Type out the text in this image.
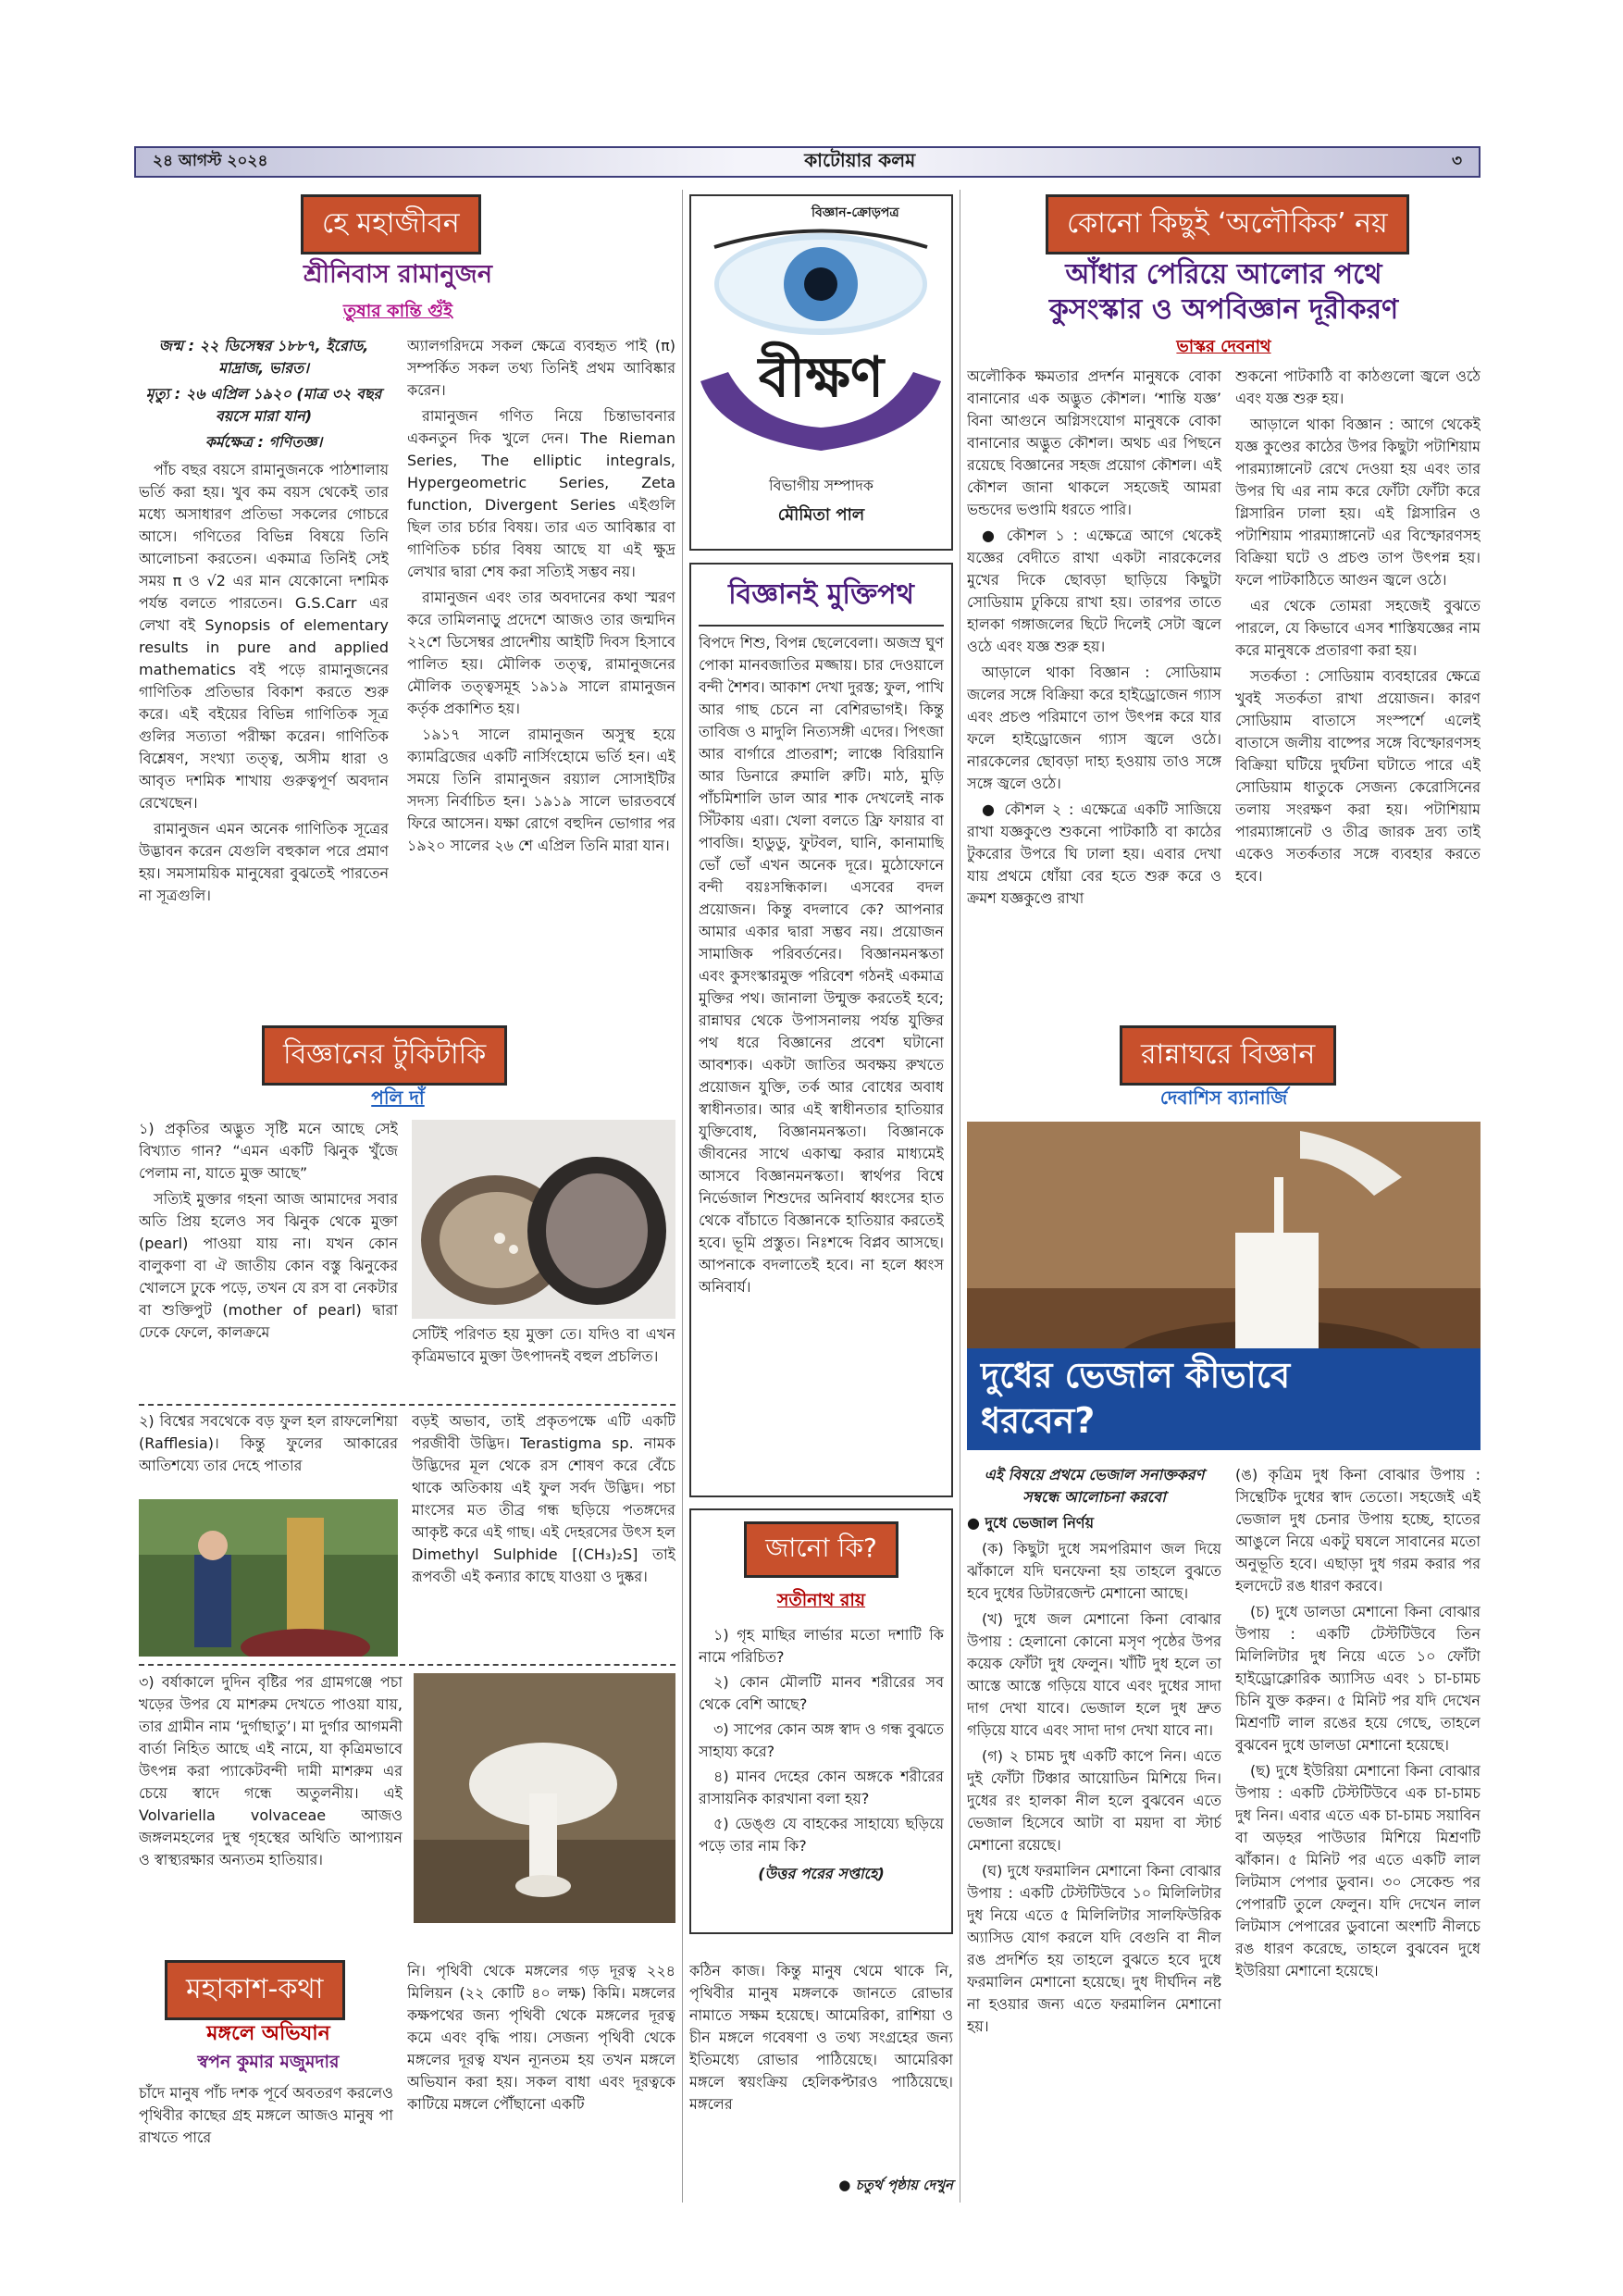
২৪ আগস্ট ২০২৪	কাটোয়ার কলম	৩
হে মহাজীবন
শ্রীনিবাস রামানুজন
তুষার কান্তি গুঁই
জন্ম : ২২ ডিসেম্বর ১৮৮৭, ইরোড, মাদ্রাজ, ভারত।
মৃত্যু : ২৬ এপ্রিল ১৯২০ (মাত্র ৩২ বছর বয়সে মারা যান)
কর্মক্ষেত্র : গণিতজ্ঞ।

পাঁচ বছর বয়সে রামানুজনকে পাঠশালায় ভর্তি করা হয়। খুব কম বয়স থেকেই তার মধ্যে অসাধারণ প্রতিভা সকলের গোচরে আসে। গণিতের বিভিন্ন বিষয়ে তিনি আলোচনা করতেন। একমাত্র তিনিই সেই সময় π ও √2 এর মান যেকোনো দশমিক পর্যন্ত বলতে পারতেন। G.S.Carr এর লেখা বই Synopsis of elementary results in pure and applied mathematics বই পড়ে রামানুজনের গাণিতিক প্রতিভার বিকাশ করতে শুরু করে। এই বইয়ের বিভিন্ন গাণিতিক সূত্র গুলির সত্যতা পরীক্ষা করেন। গাণিতিক বিশ্লেষণ, সংখ্যা তত্ত্ব, অসীম ধারা ও আবৃত দশমিক শাখায় গুরুত্বপূর্ণ অবদান রেখেছেন।

রামানুজন এমন অনেক গাণিতিক সূত্রের উদ্ভাবন করেন যেগুলি বহুকাল পরে প্রমাণ হয়। সমসাময়িক মানুষেরা বুঝতেই পারতেন না সূত্রগুলি।

অ্যালগরিদমে সকল ক্ষেত্রে ব্যবহৃত পাই (π) সম্পর্কিত সকল তথ্য তিনিই প্রথম আবিষ্কার করেন।

রামানুজন গণিত নিয়ে চিন্তাভাবনার একনতুন দিক খুলে দেন। The Rieman Series, The elliptic integrals, Hypergeometric Series, Zeta function, Divergent Series এইগুলি ছিল তার চর্চার বিষয়। তার এত আবিষ্কার বা গাণিতিক চর্চার বিষয় আছে যা এই ক্ষুদ্র লেখার দ্বারা শেষ করা সত্যিই সম্ভব নয়।

রামানুজন এবং তার অবদানের কথা স্মরণ করে তামিলনাড়ু প্রদেশে আজও তার জন্মদিন ২২শে ডিসেম্বর প্রাদেশীয় আইটি দিবস হিসাবে পালিত হয়। মৌলিক তত্ত্ব, রামানুজনের মৌলিক তত্ত্বসমূহ ১৯১৯ সালে রামানুজন কর্তৃক প্রকাশিত হয়।

১৯১৭ সালে রামানুজন অসুস্থ হয়ে ক্যামব্রিজের একটি নার্সিংহোমে ভর্তি হন। এই সময়ে তিনি রামানুজন রয়্যাল সোসাইটির সদস্য নির্বাচিত হন। ১৯১৯ সালে ভারতবর্ষে ফিরে আসেন। যক্ষা রোগে বহুদিন ভোগার পর ১৯২০ সালের ২৬ শে এপ্রিল তিনি মারা যান।

বিজ্ঞানের টুকিটাকি
পলি দাঁ

১) প্রকৃতির অদ্ভুত সৃষ্টি মনে আছে সেই বিখ্যাত গান? “এমন একটি ঝিনুক খুঁজে পেলাম না, যাতে মুক্ত আছে”

সত্যিই মুক্তার গহনা আজ আমাদের সবার অতি প্রিয় হলেও সব ঝিনুক থেকে মুক্তা (pearl) পাওয়া যায় না। যখন কোন বালুকণা বা ঐ জাতীয় কোন বস্তু ঝিনুকের খোলসে ঢুকে পড়ে, তখন যে রস বা নেকটার বা শুক্তিপুট (mother of pearl) দ্বারা ঢেকে ফেলে, কালক্রমে	সেটিই পরিণত হয় মুক্তা তে। যদিও বা এখন কৃত্রিমভাবে মুক্তা উৎপাদনই বহুল প্রচলিত।

২) বিশ্বের সবথেকে বড় ফুল হল রাফলেশিয়া (Rafflesia)। কিন্তু ফুলের আকারের আতিশয্যে তার দেহে পাতার

বড়ই অভাব, তাই প্রকৃতপক্ষে এটি একটি পরজীবী উদ্ভিদ। Terastigma sp. নামক উদ্ভিদের মূল থেকে রস শোষণ করে বেঁচে থাকে অতিকায় এই ফুল সর্বদ উদ্ভিদ। পচা মাংসের মত তীব্র গন্ধ ছড়িয়ে পতঙ্গদের আকৃষ্ট করে এই গাছ। এই দেহরসের উৎস হল Dimethyl Sulphide [(CH₃)₂S] তাই রূপবতী এই কন্যার কাছে যাওয়া ও দুষ্কর।

৩) বর্ষাকালে দুদিন বৃষ্টির পর গ্রামগঞ্জে পচা খড়ের উপর যে মাশরুম দেখতে পাওয়া যায়, তার গ্রামীন নাম ‘দুর্গাছাতু’। মা দুর্গার আগমনী বার্তা নিহিত আছে এই নামে, যা কৃত্রিমভাবে উৎপন্ন করা প্যাকেটবন্দী দামী মাশরুম এর চেয়ে স্বাদে গন্ধে অতুলনীয়। এই Volvariella volvaceae আজও জঙ্গলমহলের দুস্থ গৃহস্থের অথিতি আপ্যায়ন ও স্বাস্থ্যরক্ষার অন্যতম হাতিয়ার।

মহাকাশ-কথা
মঙ্গলে অভিযান
স্বপন কুমার মজুমদার

চাঁদে মানুষ পাঁচ দশক পূর্বে অবতরণ করলেও পৃথিবীর কাছের গ্রহ মঙ্গলে আজও মানুষ পা রাখতে পারে

নি। পৃথিবী থেকে মঙ্গলের গড় দূরত্ব ২২৪ মিলিয়ন (২২ কোটি ৪০ লক্ষ) কিমি। মঙ্গলের কক্ষপথের জন্য পৃথিবী থেকে মঙ্গলের দূরত্ব কমে এবং বৃদ্ধি পায়। সেজন্য পৃথিবী থেকে মঙ্গলের দূরত্ব যখন ন্যূনতম হয় তখন মঙ্গলে অভিযান করা হয়। সকল বাধা এবং দূরত্বকে কাটিয়ে মঙ্গলে পৌঁছানো একটি

কঠিন কাজ। কিন্তু মানুষ থেমে থাকে নি, পৃথিবীর মানুষ মঙ্গলকে জানতে রোভার নামাতে সক্ষম হয়েছে। আমেরিকা, রাশিয়া ও চীন মঙ্গলে গবেষণা ও তথ্য সংগ্রহের জন্য ইতিমধ্যে রোভার পাঠিয়েছে। আমেরিকা মঙ্গলে স্বয়ংক্রিয় হেলিকপ্টারও পাঠিয়েছে। মঙ্গলের

● চতুর্থ পৃষ্ঠায় দেখুন
বিজ্ঞান-ক্রোড়পত্র
বীক্ষণ
বিভাগীয় সম্পাদক
মৌমিতা পাল
বিজ্ঞানই মুক্তিপথ
বিপদে শিশু, বিপন্ন ছেলেবেলা। অজস্র ঘুণ পোকা মানবজাতির মজ্জায়। চার দেওয়ালে বন্দী শৈশব। আকাশ দেখা দুরস্ত; ফুল, পাখি আর গাছ চেনে না বেশিরভাগই। কিন্তু তাবিজ ও মাদুলি নিত্যসঙ্গী এদের। পিৎজা আর বার্গারে প্রাতরাশ; লাঞ্চে বিরিয়ানি আর ডিনারে রুমালি রুটি। মাঠ, মুড়ি পাঁচমিশালি ডাল আর শাক দেখলেই নাক সিঁটকায় এরা। খেলা বলতে ফ্রি ফায়ার বা পাবজি। হাডুডু, ফুটবল, ঘানি, কানামাছি ভোঁ ভোঁ এখন অনেক দূরে। মুঠোফোনে বন্দী বয়ঃসন্ধিকাল। এসবের বদল প্রয়োজন। কিন্তু বদলাবে কে? আপনার আমার একার দ্বারা সম্ভব নয়। প্রয়োজন সামাজিক পরিবর্তনের। বিজ্ঞানমনস্কতা এবং কুসংস্কারমুক্ত পরিবেশ গঠনই একমাত্র মুক্তির পথ। জানালা উন্মুক্ত করতেই হবে; রান্নাঘর থেকে উপাসনালয় পর্যন্ত যুক্তির পথ ধরে বিজ্ঞানের প্রবেশ ঘটানো আবশ্যক। একটা জাতির অবক্ষয় রুখতে প্রয়োজন যুক্তি, তর্ক আর বোধের অবাধ স্বাধীনতার। আর এই স্বাধীনতার হাতিয়ার যুক্তিবোধ, বিজ্ঞানমনস্কতা। বিজ্ঞানকে জীবনের সাথে একাত্ম করার মাধ্যমেই আসবে বিজ্ঞানমনস্কতা। স্বার্থপর বিশ্বে নির্ভেজাল শিশুদের অনিবার্য ধ্বংসের হাত থেকে বাঁচাতে বিজ্ঞানকে হাতিয়ার করতেই হবে। ভূমি প্রস্তুত। নিঃশব্দে বিপ্লব আসছে। আপনাকে বদলাতেই হবে। না হলে ধ্বংস অনিবার্য।
জানো কি?
সতীনাথ রায়

১) গৃহ মাছির লার্ভার মতো দশাটি কি নামে পরিচিত?

২) কোন মৌলটি মানব শরীরের সব থেকে বেশি আছে?

৩) সাপের কোন অঙ্গ স্বাদ ও গন্ধ বুঝতে সাহায্য করে?

৪) মানব দেহের কোন অঙ্গকে শরীরের রাসায়নিক কারখানা বলা হয়?

৫) ডেঙ্গু যে বাহকের সাহায্যে ছড়িয়ে পড়ে তার নাম কি?

(উত্তর পরের সপ্তাহে)
কোনো কিছুই ‘অলৌকিক’ নয়
আঁধার পেরিয়ে আলোর পথে
কুসংস্কার ও অপবিজ্ঞান দূরীকরণ
ভাস্কর দেবনাথ

অলৌকিক ক্ষমতার প্রদর্শন মানুষকে বোকা বানানোর এক অদ্ভুত কৌশল। ‘শান্তি যজ্ঞ’ বিনা আগুনে অগ্নিসংযোগ মানুষকে বোকা বানানোর অদ্ভুত কৌশল। অথচ এর পিছনে রয়েছে বিজ্ঞানের সহজ প্রয়োগ কৌশল। এই কৌশল জানা থাকলে সহজেই আমরা ভন্ডদের ভণ্ডামি ধরতে পারি।

● কৌশল ১ : এক্ষেত্রে আগে থেকেই যজ্ঞের বেদীতে রাখা একটা নারকেলের মুখের দিকে ছোবড়া ছাড়িয়ে কিছুটা সোডিয়াম ঢুকিয়ে রাখা হয়। তারপর তাতে হালকা গঙ্গাজলের ছিটে দিলেই সেটা জ্বলে ওঠে এবং যজ্ঞ শুরু হয়।

আড়ালে থাকা বিজ্ঞান : সোডিয়াম জলের সঙ্গে বিক্রিয়া করে হাইড্রোজেন গ্যাস এবং প্রচণ্ড পরিমাণে তাপ উৎপন্ন করে যার ফলে হাইড্রোজেন গ্যাস জ্বলে ওঠে। নারকেলের ছোবড়া দাহ্য হওয়ায় তাও সঙ্গে সঙ্গে জ্বলে ওঠে।

● কৌশল ২ : এক্ষেত্রে একটি সাজিয়ে রাখা যজ্ঞকুণ্ডে শুকনো পাটকাঠি বা কাঠের টুকরোর উপরে ঘি ঢালা হয়। এবার দেখা যায় প্রথমে ধোঁয়া বের হতে শুরু করে ও ক্রমশ যজ্ঞকুণ্ডে রাখা

শুকনো পাটকাঠি বা কাঠগুলো জ্বলে ওঠে এবং যজ্ঞ শুরু হয়।

আড়ালে থাকা বিজ্ঞান : আগে থেকেই যজ্ঞ কুণ্ডের কাঠের উপর কিছুটা পটাশিয়াম পারম্যাঙ্গানেট রেখে দেওয়া হয় এবং তার উপর ঘি এর নাম করে ফোঁটা ফোঁটা করে গ্লিসারিন ঢালা হয়। এই গ্লিসারিন ও পটাশিয়াম পারম্যাঙ্গানেট এর বিস্ফোরণসহ বিক্রিয়া ঘটে ও প্রচণ্ড তাপ উৎপন্ন হয়। ফলে পাটকাঠিতে আগুন জ্বলে ওঠে।

এর থেকে তোমরা সহজেই বুঝতে পারলে, যে কিভাবে এসব শাস্তিযজ্ঞের নাম করে মানুষকে প্রতারণা করা হয়।

সতর্কতা : সোডিয়াম ব্যবহারের ক্ষেত্রে খুবই সতর্কতা রাখা প্রয়োজন। কারণ সোডিয়াম বাতাসে সংস্পর্শে এলেই বাতাসে জলীয় বাষ্পের সঙ্গে বিস্ফোরণসহ বিক্রিয়া ঘটিয়ে দুর্ঘটনা ঘটাতে পারে এই সোডিয়াম ধাতুকে সেজন্য কেরোসিনের তলায় সংরক্ষণ করা হয়। পটাশিয়াম পারম্যাঙ্গানেট ও তীব্র জারক দ্রব্য তাই একেও সতর্কতার সঙ্গে ব্যবহার করতে হবে।

রান্নাঘরে বিজ্ঞান
দেবাশিস ব্যানার্জি
দুধের ভেজাল কীভাবে ধরবেন?
এই বিষয়ে প্রথমে ভেজাল সনাক্তকরণ সম্বন্ধে আলোচনা করবো
● দুধে ভেজাল নির্ণয়

(ক) কিছুটা দুধে সমপরিমাণ জল দিয়ে ঝাঁকালে যদি ঘনফেনা হয় তাহলে বুঝতে হবে দুধের ডিটারজেন্ট মেশানো আছে।

(খ) দুধে জল মেশানো কিনা বোঝার উপায় : হেলানো কোনো মসৃণ পৃষ্ঠের উপর কয়েক ফোঁটা দুধ ফেলুন। খাঁটি দুধ হলে তা আস্তে আস্তে গড়িয়ে যাবে এবং দুধের সাদা দাগ দেখা যাবে। ভেজাল হলে দুধ দ্রুত গড়িয়ে যাবে এবং সাদা দাগ দেখা যাবে না।

(গ) ২ চামচ দুধ একটি কাপে নিন। এতে দুই ফোঁটা টিঞ্চার আয়োডিন মিশিয়ে দিন। দুধের রং হালকা নীল হলে বুঝবেন এতে ভেজাল হিসেবে আটা বা ময়দা বা স্টার্চ মেশানো রয়েছে।

(ঘ) দুধে ফরমালিন মেশানো কিনা বোঝার উপায় : একটি টেস্টটিউবে ১০ মিলিলিটার দুধ নিয়ে এতে ৫ মিলিলিটার সালফিউরিক অ্যাসিড যোগ করলে যদি বেগুনি বা নীল রঙ প্রদর্শিত হয় তাহলে বুঝতে হবে দুধে ফরমালিন মেশানো হয়েছে। দুধ দীর্ঘদিন নষ্ট না হওয়ার জন্য এতে ফরমালিন মেশানো হয়।

(ঙ) কৃত্রিম দুধ কিনা বোঝার উপায় : সিন্থেটিক দুধের স্বাদ তেতো। সহজেই এই ভেজাল দুধ চেনার উপায় হচ্ছে, হাতের আঙুলে নিয়ে একটু ঘষলে সাবানের মতো অনুভূতি হবে। এছাড়া দুধ গরম করার পর হলদেটে রঙ ধারণ করবে।

(চ) দুধে ডালডা মেশানো কিনা বোঝার উপায় : একটি টেস্টটিউবে তিন মিলিলিটার দুধ নিয়ে এতে ১০ ফোঁটা হাইড্রোক্লোরিক অ্যাসিড এবং ১ চা-চামচ চিনি যুক্ত করুন। ৫ মিনিট পর যদি দেখেন মিশ্রণটি লাল রঙের হয়ে গেছে, তাহলে বুঝবেন দুধে ডালডা মেশানো হয়েছে।

(ছ) দুধে ইউরিয়া মেশানো কিনা বোঝার উপায় : একটি টেস্টটিউবে এক চা-চামচ দুধ নিন। এবার এতে এক চা-চামচ সয়াবিন বা অড়হর পাউডার মিশিয়ে মিশ্রণটি ঝাঁকান। ৫ মিনিট পর এতে একটি লাল লিটমাস পেপার ডুবান। ৩০ সেকেন্ড পর পেপারটি তুলে ফেলুন। যদি দেখেন লাল লিটমাস পেপারের ডুবানো অংশটি নীলচে রঙ ধারণ করেছে, তাহলে বুঝবেন দুধে ইউরিয়া মেশানো হয়েছে।
